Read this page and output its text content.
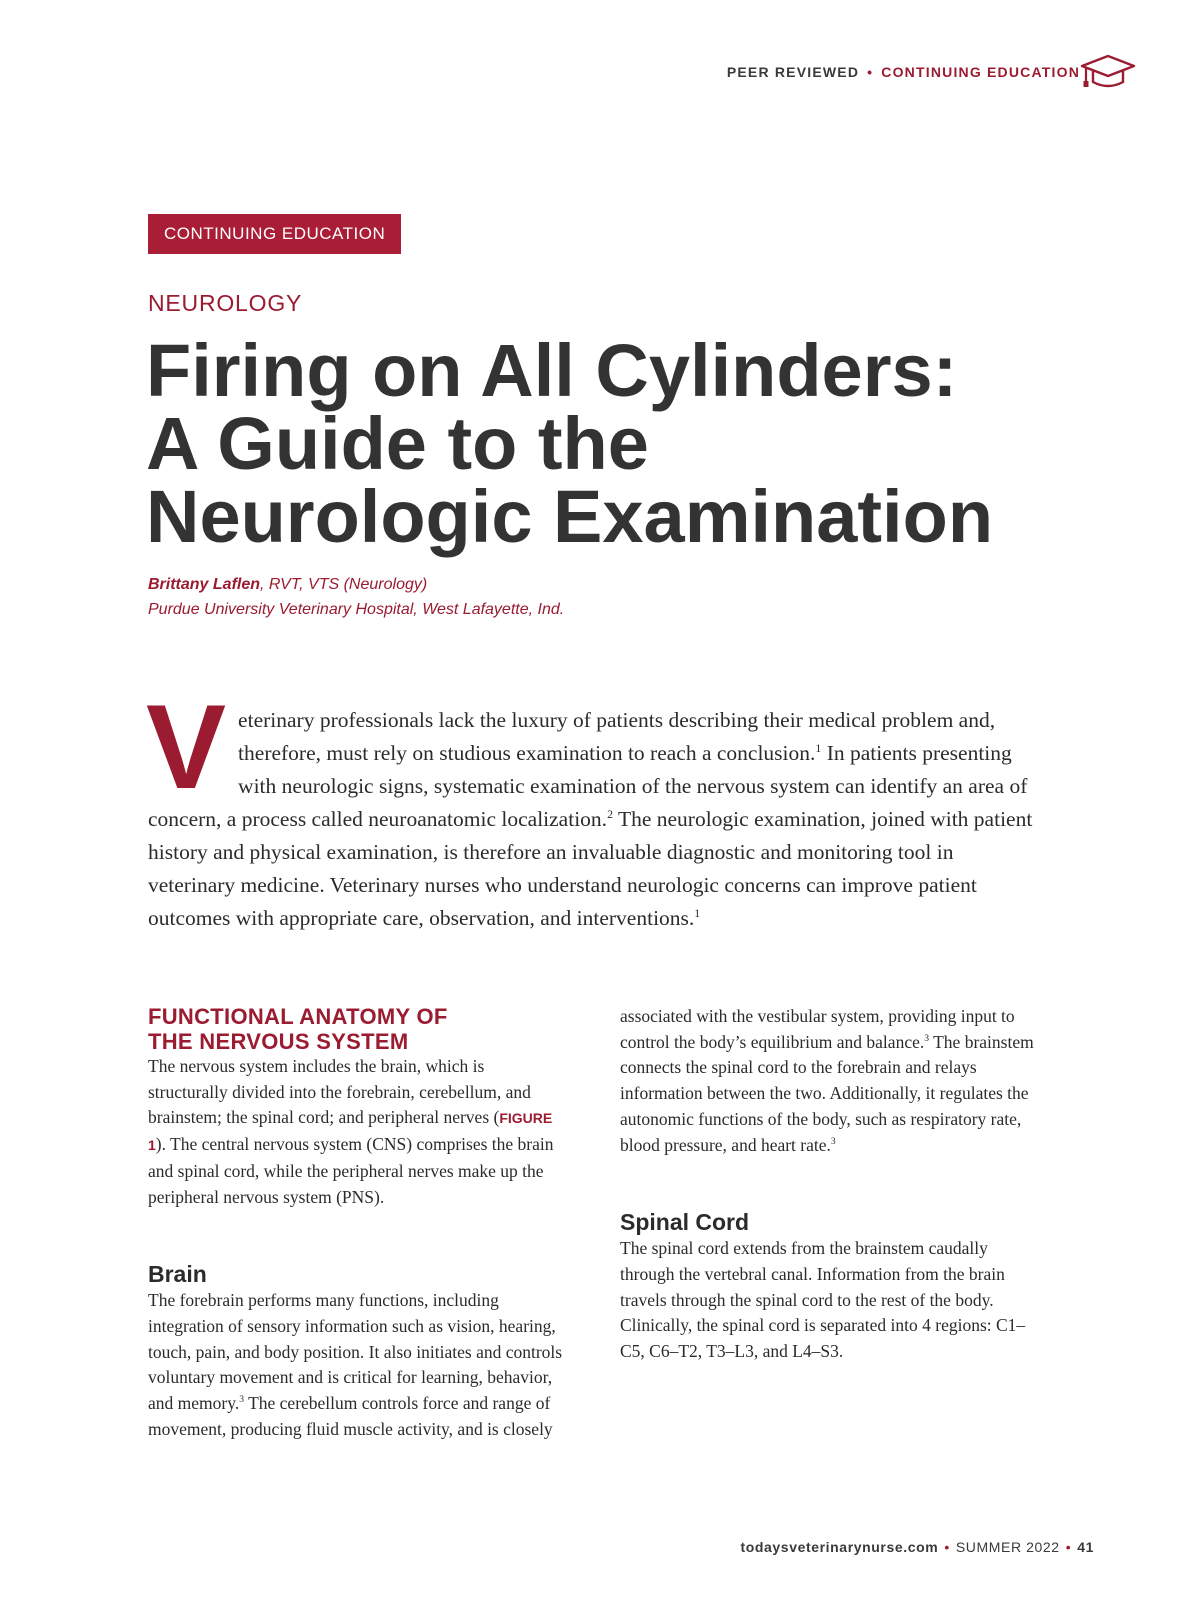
PEER REVIEWED • CONTINUING EDUCATION
CONTINUING EDUCATION
NEUROLOGY
Firing on All Cylinders:
A Guide to the
Neurologic Examination
Brittany Laflen, RVT, VTS (Neurology)
Purdue University Veterinary Hospital, West Lafayette, Ind.

Veterinary professionals lack the luxury of patients describing their medical problem and, therefore, must rely on studious examination to reach a conclusion.$^1$ In patients presenting with neurologic signs, systematic examination of the nervous system can identify an area of concern, a process called neuroanatomic localization.$^2$ The neurologic examination, joined with patient history and physical examination, is therefore an invaluable diagnostic and monitoring tool in veterinary medicine. Veterinary nurses who understand neurologic concerns can improve patient outcomes with appropriate care, observation, and interventions.$^1$

FUNCTIONAL ANATOMY OF
THE NERVOUS SYSTEM

The nervous system includes the brain, which is structurally divided into the forebrain, cerebellum, and brainstem; the spinal cord; and peripheral nerves (FIGURE 1). The central nervous system (CNS) comprises the brain and spinal cord, while the peripheral nerves make up the peripheral nervous system (PNS).

Brain

The forebrain performs many functions, including integration of sensory information such as vision, hearing, touch, pain, and body position. It also initiates and controls voluntary movement and is critical for learning, behavior, and memory.$^3$ The cerebellum controls force and range of movement, producing fluid muscle activity, and is closely

associated with the vestibular system, providing input to control the body’s equilibrium and balance.$^3$ The brainstem connects the spinal cord to the forebrain and relays information between the two. Additionally, it regulates the autonomic functions of the body, such as respiratory rate, blood pressure, and heart rate.$^3$

Spinal Cord

The spinal cord extends from the brainstem caudally through the vertebral canal. Information from the brain travels through the spinal cord to the rest of the body. Clinically, the spinal cord is separated into 4 regions: C1–C5, C6–T2, T3–L3, and L4–S3.

todaysveterinarynurse.com • SUMMER 2022 • 41
